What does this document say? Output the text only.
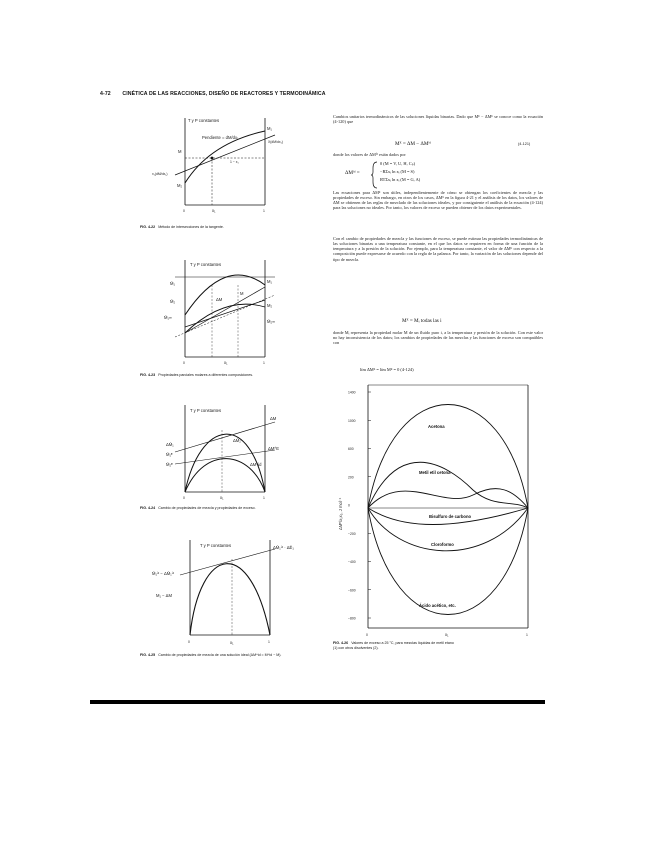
4-72 CINÉTICA DE LAS REACCIONES, DISEÑO DE REACTORES Y TERMODINÁMICA
T y P constantes
Pendiente = dM/dx₁
M
M₁
M₂
x₁
X(dM/dx₁)
1 − x₁
x₁(dM/dx₁)
0	1
FIG. 4-22 Método de intersecciones de la tangente.
T y P constantes
M₁
M₂
M̄₁
M̄₂
M̄₁∞
M̄₂∞
ΔM
M
x₁
0	1
FIG. 4-23 Propiedades parciales molares a diferentes composiciones.
T y P constantes
ΔM
ΔM^E
ΔM^id
ΔM̄₁
M̄₁ᴱ
M̄₂ᴱ
ΔM̄₂
x₁
0	1
FIG. 4-24 Cambio de propiedades de mezcla y propiedades de exceso.
T y P constantes	ΔM̄₁ⁱᵈ · ΔĒ₁
M̄₁ⁱᵈ − ΔM̄₁ⁱᵈ
M₁ − ΔM
x₁
0	1
FIG. 4-25 Cambio de propiedades de mezcla de una solución ideal (ΔM^id = M^id − M).

Cambios unitarios termodinámicos de las soluciones líquidas binarias. Dado que Mᴱ − ΔMᴱ se conoce como la ecuación (4-120) que

Mᴱ = ΔM − ΔMⁱᵈ	(4-121)

donde los valores de ΔMⁱᵈ están dados por

ΔMⁱᵈ =
0 (M = V, U, H, Cₚ)
−RΣxᵢ ln xᵢ (M = S)
RTΣxᵢ ln xᵢ (M = G, A)

Las ecuaciones para ΔMᴱ son útiles, independientemente de cómo se obtengan los coeficientes de mezcla y las propiedades de exceso. Sin embargo, en otros de los casos, ΔMᴱ en la figura 4-21 y el análisis de los datos, los valores de ΔM se obtienen de las reglas de mezclado de las soluciones ideales, y por consiguiente el análisis de la ecuación (4-124) para las soluciones no ideales. Por tanto, los valores de exceso se pueden obtener de los datos experimentales.

Con el cambio de propiedades de mezcla y las funciones de exceso, se puede estimar las propiedades termodinámicas de las soluciones binarias a una temperatura constante, en el que los datos se requieren en forma de una función de la temperatura y a la presión de la solución. Por ejemplo, para la temperatura constante, el valor de ΔMᴱ con respecto a la composición puede expresarse de acuerdo con la regla de la palanca. Por tanto, la variación de las soluciones depende del tipo de mezcla.

Mᴱ = Mᵢ todas las i

donde Mᵢ representa la propiedad molar M de un fluido puro i, a la temperatura y presión de la solución. Con este valor no hay inconsistencia de los datos; los cambios de propiedades de las mezclas y las funciones de exceso son compatibles con

lím ΔMᴱ = lím Mᴱ = 0 (4-124)
1400
1000
600
200
0
−200
−400
−600
−800
Acetona
Metil etil cetona
Bisulfuro de carbono
Cloroformo
Ácido acético, etc.
0	1
x₁
ΔMᴱ/x₁x₂, J mol⁻¹
FIG. 4-26 Valores de exceso a 25 °C, para mezclas líquidas de metil etano
(1) con otros disolventes (2).
